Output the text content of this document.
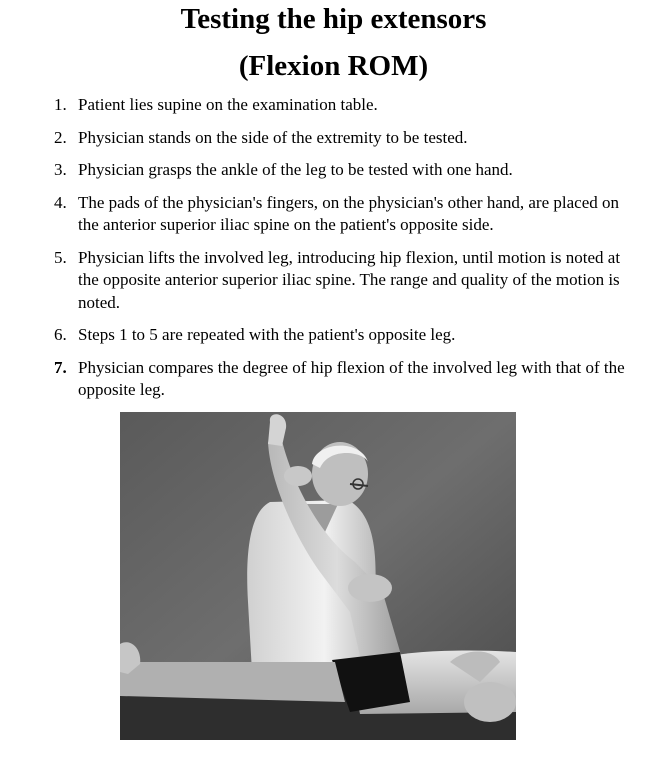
Testing the hip extensors
(Flexion ROM)
1. Patient lies supine on the examination table.
2. Physician stands on the side of the extremity to be tested.
3. Physician grasps the ankle of the leg to be tested with one hand.
4. The pads of the physician's fingers, on the physician's other hand, are placed on the anterior superior iliac spine on the patient's opposite side.
5. Physician lifts the involved leg, introducing hip flexion, until motion is noted at the opposite anterior superior iliac spine. The range and quality of the motion is noted.
6. Steps 1 to 5 are repeated with the patient's opposite leg.
7. Physician compares the degree of hip flexion of the involved leg with that of the opposite leg.
